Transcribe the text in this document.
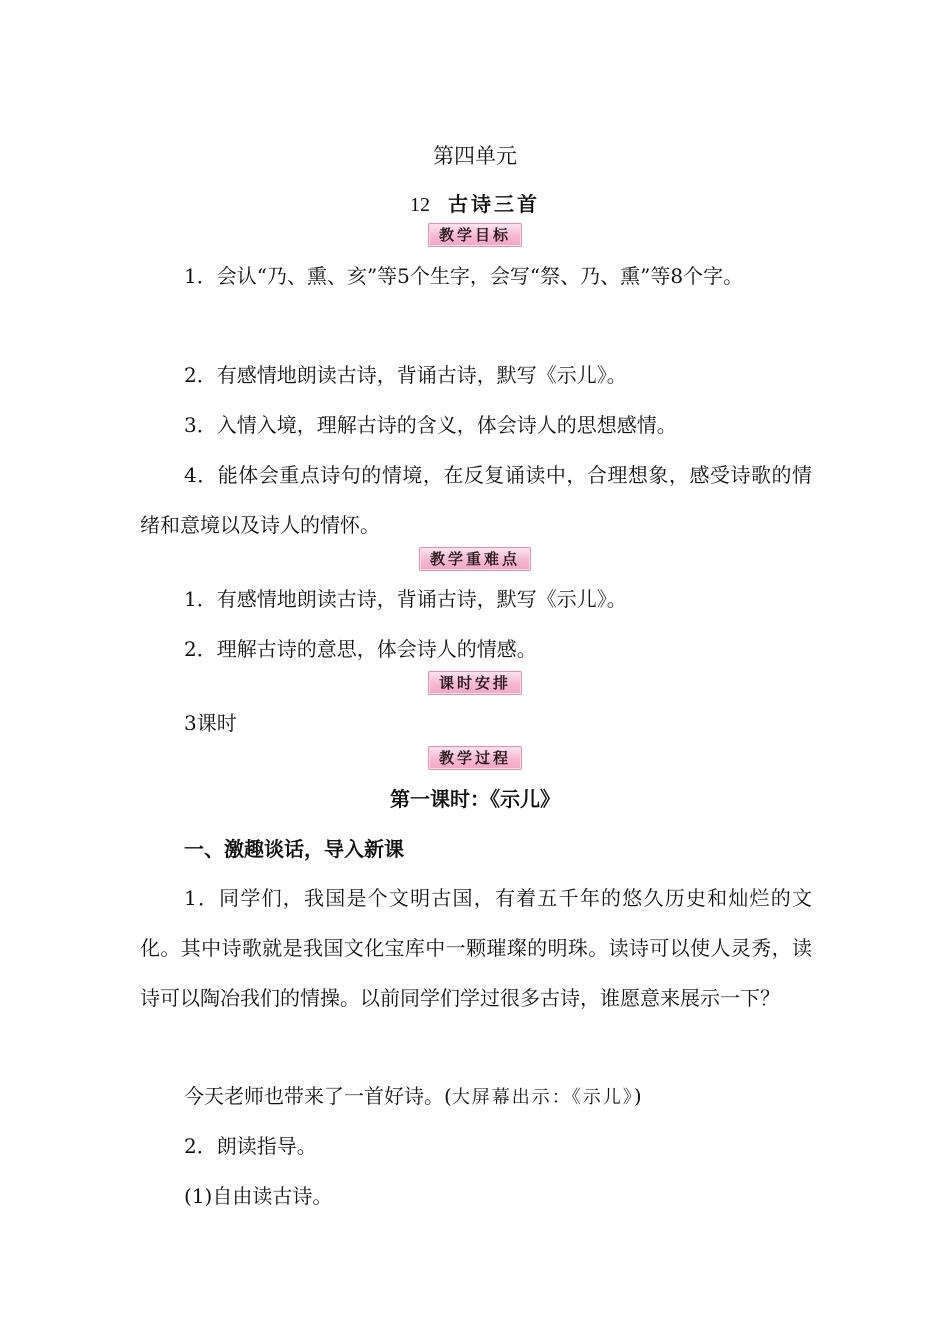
第四单元
12 古诗三首
教学目标
1．会认“乃、熏、亥”等5个生字，会写“祭、乃、熏”等8个字。
2．有感情地朗读古诗，背诵古诗，默写《示儿》。
3．入情入境，理解古诗的含义，体会诗人的思想感情。
4．能体会重点诗句的情境，在反复诵读中，合理想象，感受诗歌的情绪和意境以及诗人的情怀。
教学重难点
1．有感情地朗读古诗，背诵古诗，默写《示儿》。
2．理解古诗的意思，体会诗人的情感。
课时安排
3课时
教学过程
第一课时：《示儿》
一、激趣谈话，导入新课
1．同学们，我国是个文明古国，有着五千年的悠久历史和灿烂的文化。其中诗歌就是我国文化宝库中一颗璀璨的明珠。读诗可以使人灵秀，读诗可以陶冶我们的情操。以前同学们学过很多古诗，谁愿意来展示一下？
今天老师也带来了一首好诗。(大屏幕出示：《示儿》)
2．朗读指导。
(1)自由读古诗。
